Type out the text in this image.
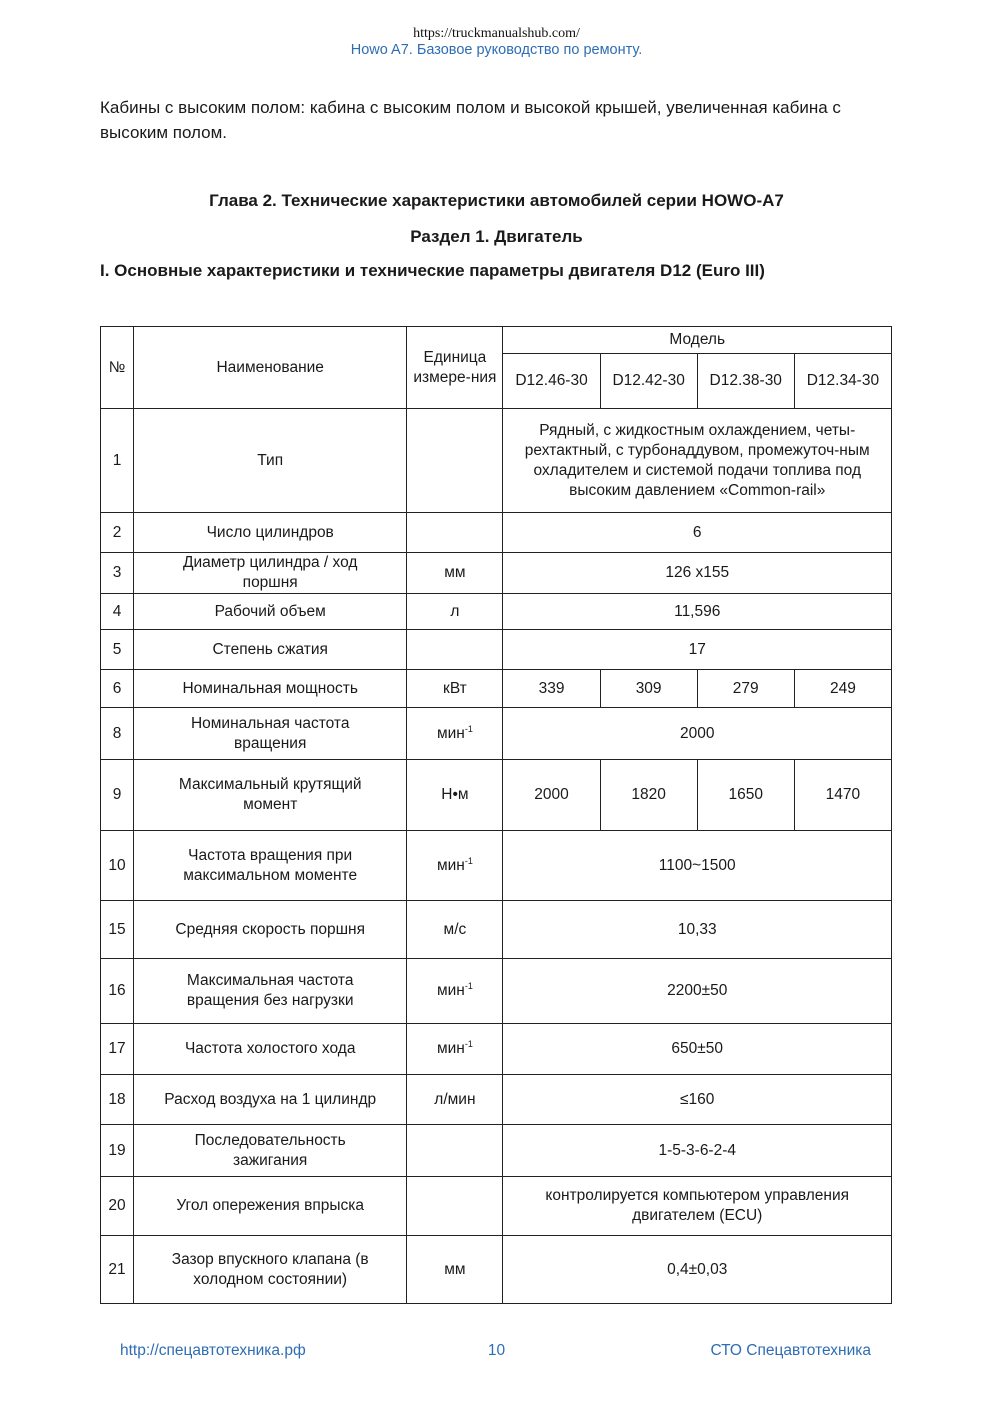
https://truckmanualshub.com/
Howo A7. Базовое руководство по ремонту.
Кабины с высоким полом: кабина с высоким полом и высокой крышей, увеличенная кабина с высоким полом.
Глава 2. Технические характеристики автомобилей серии HOWO-A7
Раздел 1. Двигатель
I. Основные характеристики и технические параметры двигателя D12 (Euro III)
№	Наименование	Единица измере-ния	Модель			
			D12.46-30	D12.42-30	D12.38-30	D12.34-30
1	Тип		Рядный, с жидкостным охлаждением, четы-рехтактный, с турбонаддувом, промежуточ-ным охладителем и системой подачи топлива под высоким давлением «Common-rail»			
2	Число цилиндров		6			
3	Диаметр цилиндра / ход поршня	мм	126 x155			
4	Рабочий объем	л	11,596			
5	Степень сжатия		17			
6	Номинальная мощность	кВт	339	309	279	249
8	Номинальная частота вращения	мин$^{-1}$	2000			
9	Максимальный крутящий момент	Н•м	2000	1820	1650	1470
10	Частота вращения при максимальном моменте	мин$^{-1}$	1100~1500			
15	Средняя скорость поршня	м/с	10,33			
16	Максимальная частота вращения без нагрузки	мин$^{-1}$	2200±50			
17	Частота холостого хода	мин$^{-1}$	650±50			
18	Расход воздуха на 1 цилиндр	л/мин	≤160			
19	Последовательность зажигания		1-5-3-6-2-4			
20	Угол опережения впрыска		контролируется компьютером управления двигателем (ECU)			
21	Зазор впускного клапана (в холодном состоянии)	мм	0,4±0,03			
http://спецавтотехника.рф	10	СТО Спецавтотехника
